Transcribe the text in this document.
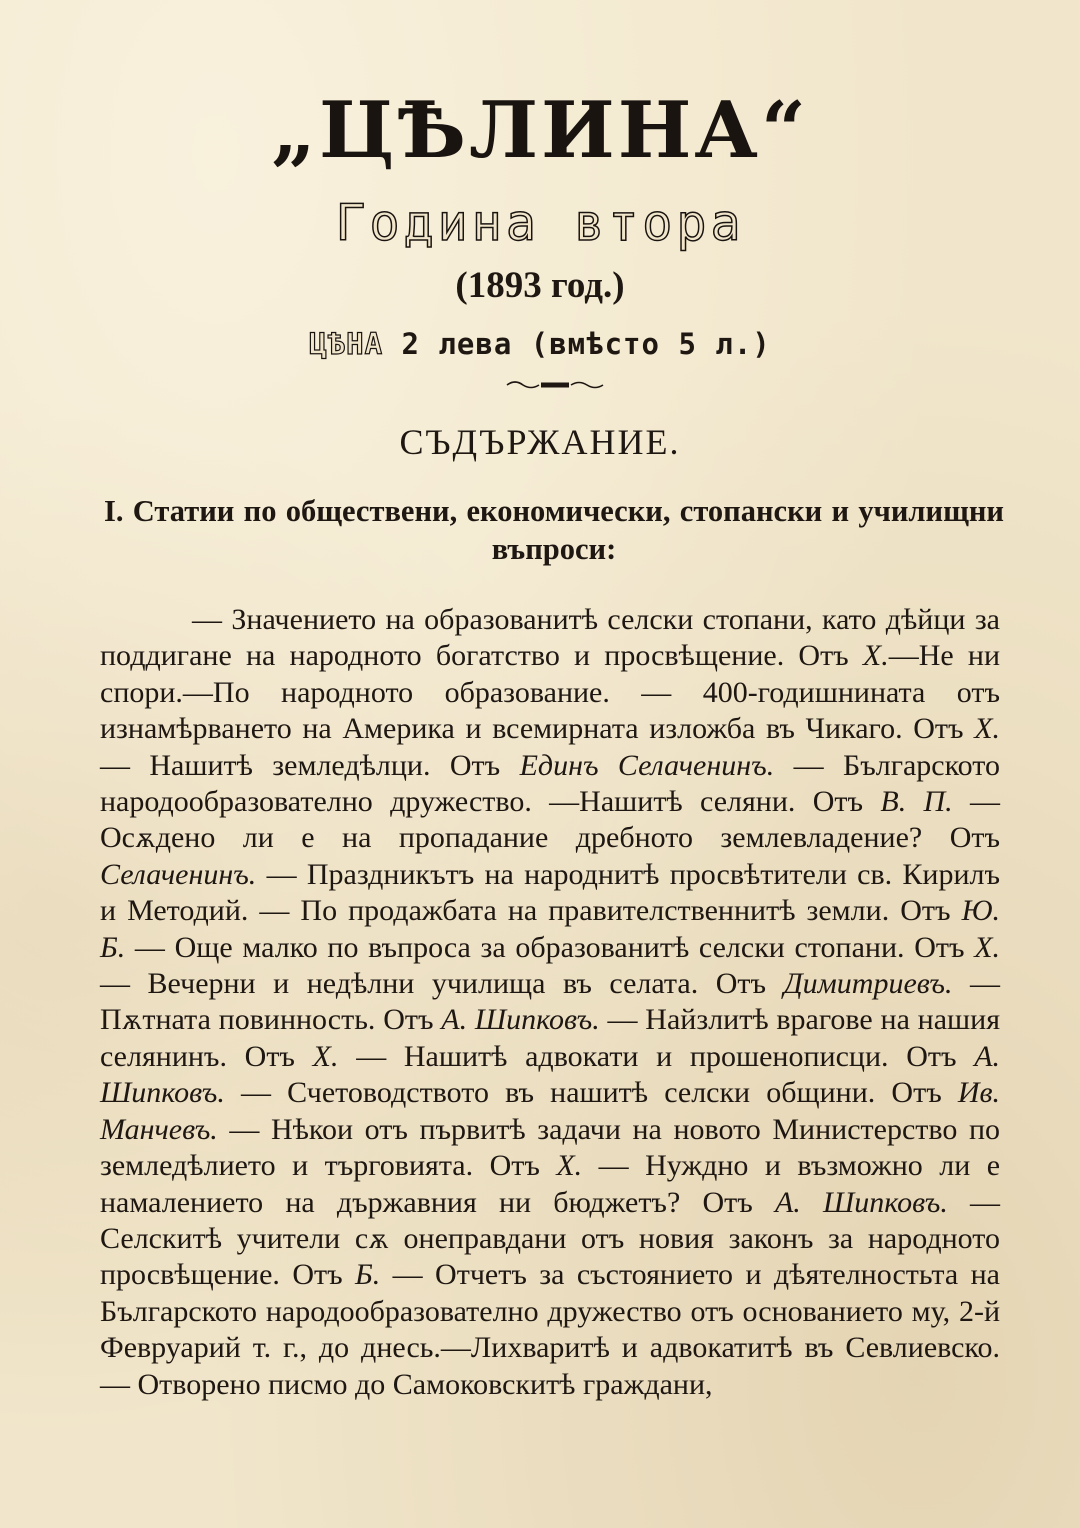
„ЦѢЛИНА“
Година втора
(1893 год.)
ЦѢНА 2 лева (вмѣсто 5 л.)
СЪДЪРЖАНИЕ.
I. Статии по обществени, економически, стопански и училищни въпроси:
— Значението на образованитѣ селски стопани, като дѣйци за поддигане на народното богатство и просвѣщение. Отъ Х.—Не ни спори.—По народното образование. — 400-годишнината отъ изнамѣрването на Америка и всемирната изложба въ Чикаго. Отъ Х. — Нашитѣ земледѣлци. Отъ Единъ Селаченинъ. — Българското народообразователно дружество. —Нашитѣ селяни. Отъ В. П. — Осѫдено ли е на пропадание дребното землевладение? Отъ Селаченинъ. — Праздникътъ на народнитѣ просвѣтители св. Кирилъ и Методий. — По продажбата на правителственнитѣ земли. Отъ Ю. Б. — Още малко по въпроса за образованитѣ селски стопани. Отъ Х. — Вечерни и недѣлни училища въ селата. Отъ Димитриевъ. — Пѫтната повинность. Отъ А. Шипковъ. — Найзлитѣ врагове на нашия селянинъ. Отъ Х. — Нашитѣ адвокати и прошенописци. Отъ А. Шипковъ. — Счетоводството въ нашитѣ селски общини. Отъ Ив. Манчевъ. — Нѣкои отъ първитѣ задачи на новото Министерство по земледѣлието и търговията. Отъ Х. — Нуждно и възможно ли е намалението на държавния ни бюджетъ? Отъ А. Шипковъ. — Селскитѣ учители сѫ онеправдани отъ новия законъ за народното просвѣщение. Отъ Б. — Отчетъ за състоянието и дѣятелностьта на Българското народообразователно дружество отъ основанието му, 2-й Февруарий т. г., до днесь.—Лихваритѣ и адвокатитѣ въ Севлиевско. — Отворено писмо до Самоковскитѣ граждани,
